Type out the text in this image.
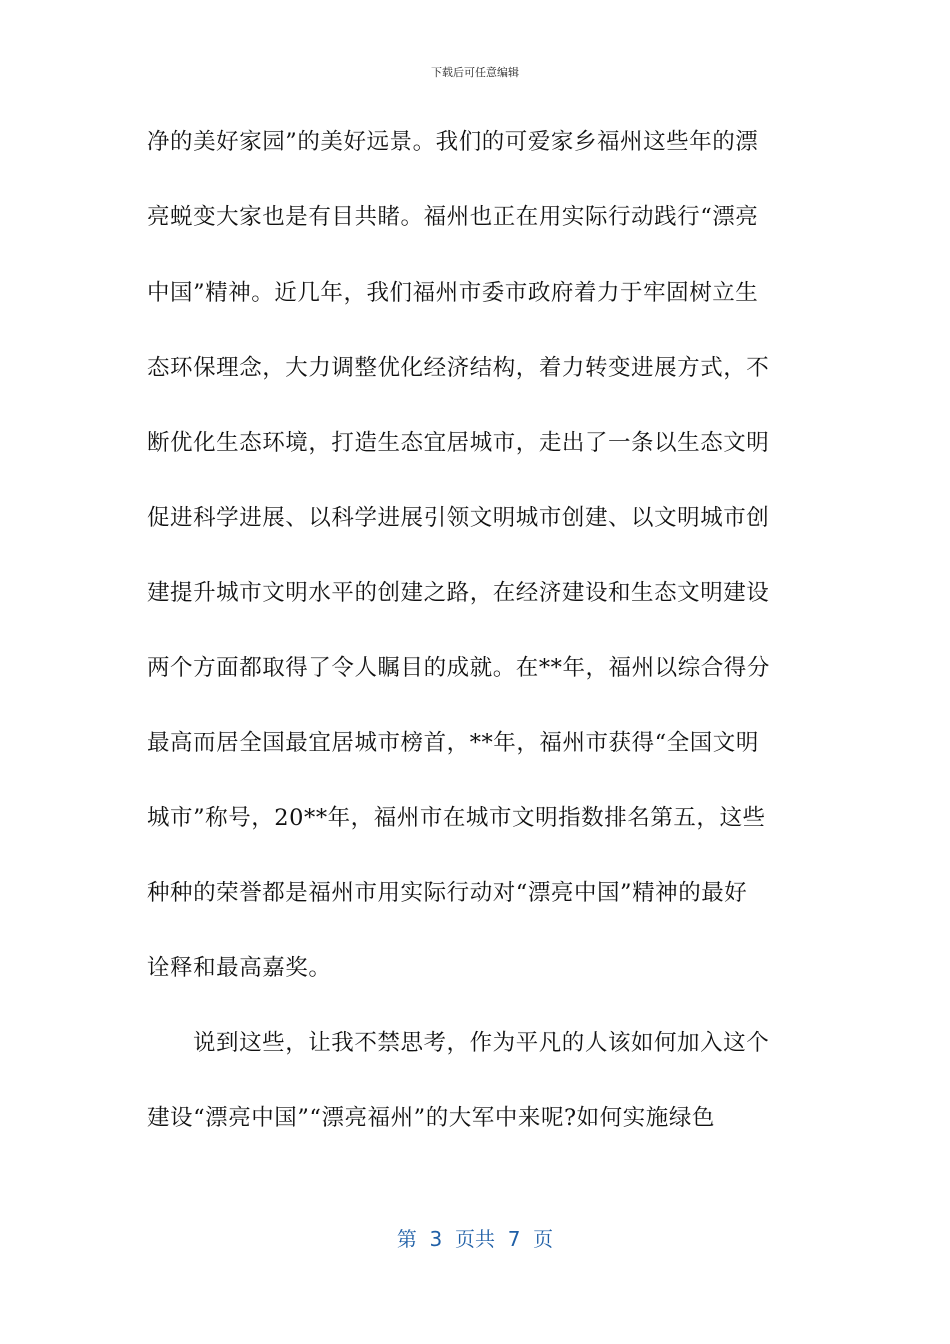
下载后可任意编辑
净的美好家园”的美好远景。我们的可爱家乡福州这些年的漂
亮蜕变大家也是有目共睹。福州也正在用实际行动践行“漂亮
中国”精神。近几年，我们福州市委市政府着力于牢固树立生
态环保理念，大力调整优化经济结构，着力转变进展方式，不
断优化生态环境，打造生态宜居城市，走出了一条以生态文明
促进科学进展、以科学进展引领文明城市创建、以文明城市创
建提升城市文明水平的创建之路，在经济建设和生态文明建设
两个方面都取得了令人瞩目的成就。在**年，福州以综合得分
最高而居全国最宜居城市榜首，**年，福州市获得“全国文明
城市”称号，20**年，福州市在城市文明指数排名第五，这些
种种的荣誉都是福州市用实际行动对“漂亮中国”精神的最好
诠释和最高嘉奖。
说到这些，让我不禁思考，作为平凡的人该如何加入这个
建设“漂亮中国”“漂亮福州”的大军中来呢?如何实施绿色
第  3  页共  7  页
